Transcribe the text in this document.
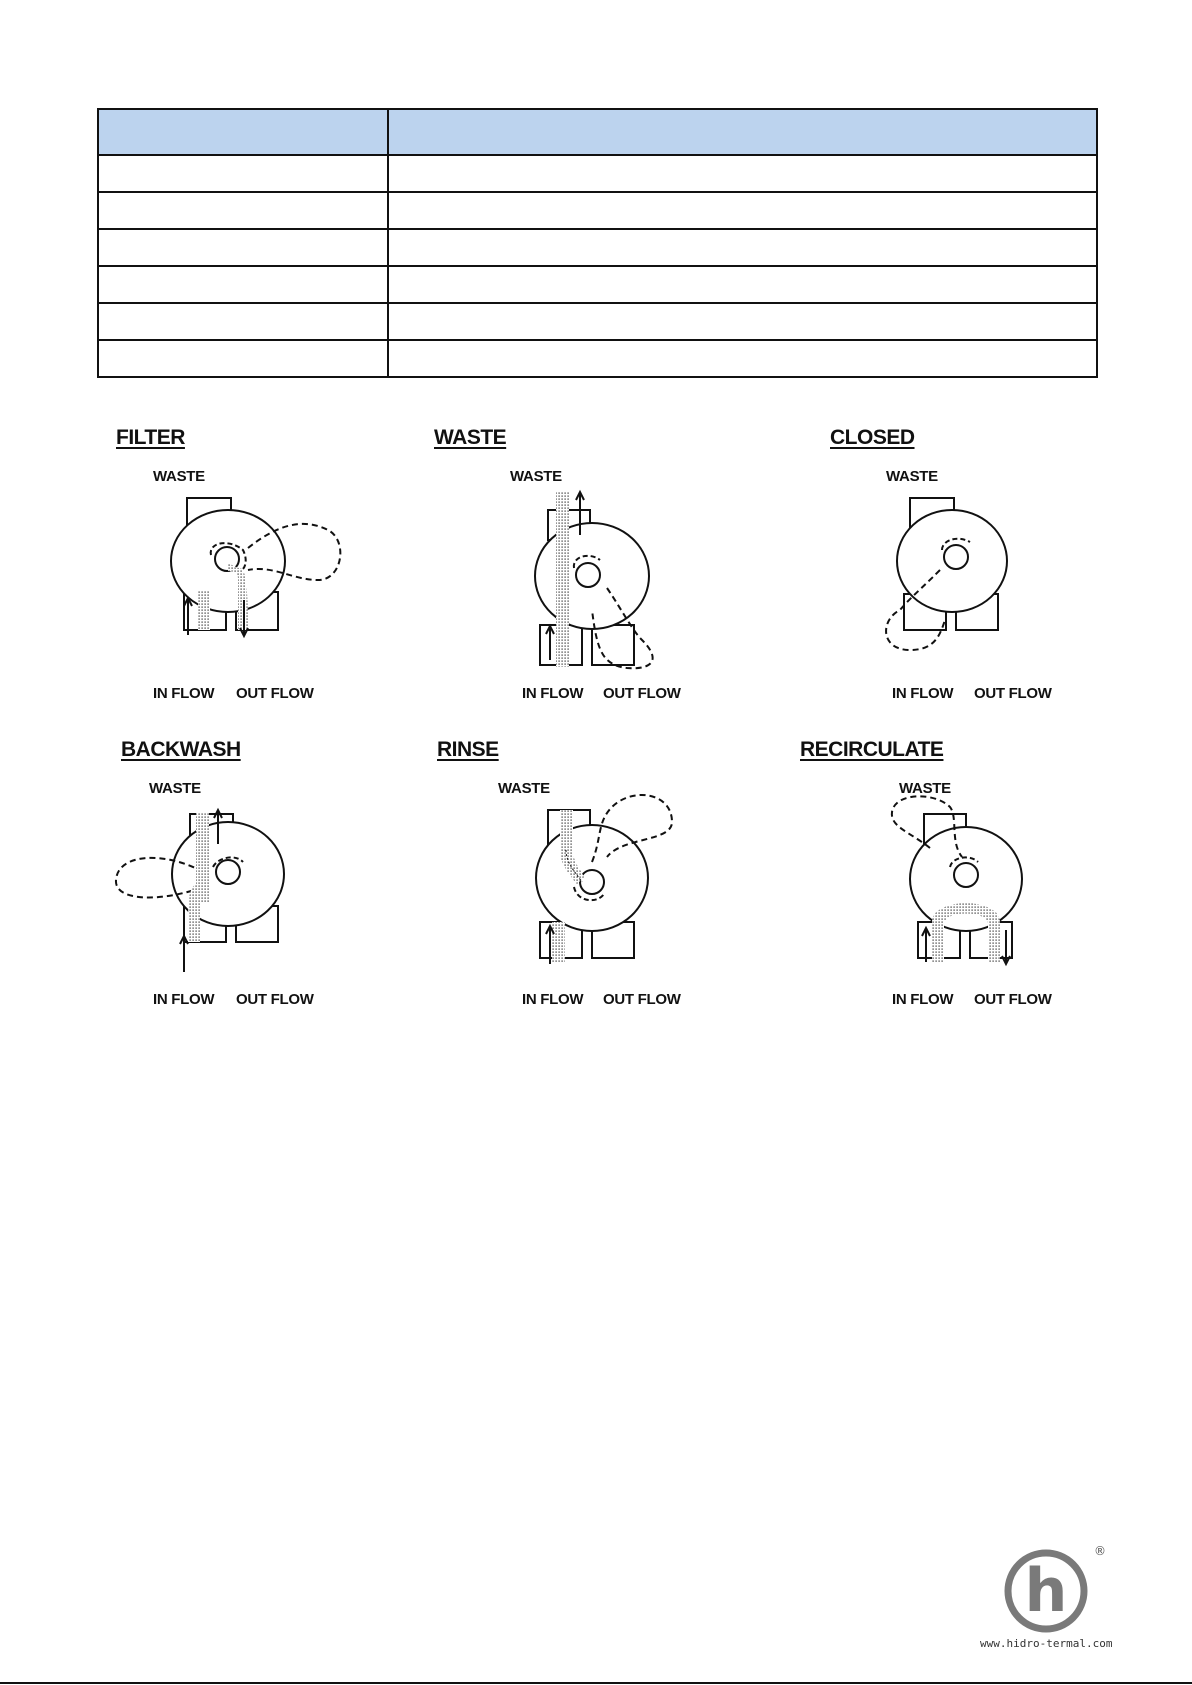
FILTER
WASTE
IN FLOW OUT FLOW
WASTE
WASTE
IN FLOW OUT FLOW
CLOSED
WASTE
IN FLOW OUT FLOW
BACKWASH
WASTE
IN FLOW OUT FLOW
RINSE
WASTE
IN FLOW OUT FLOW
RECIRCULATE
WASTE
IN FLOW OUT FLOW
h
®
www.hidro-termal.com
